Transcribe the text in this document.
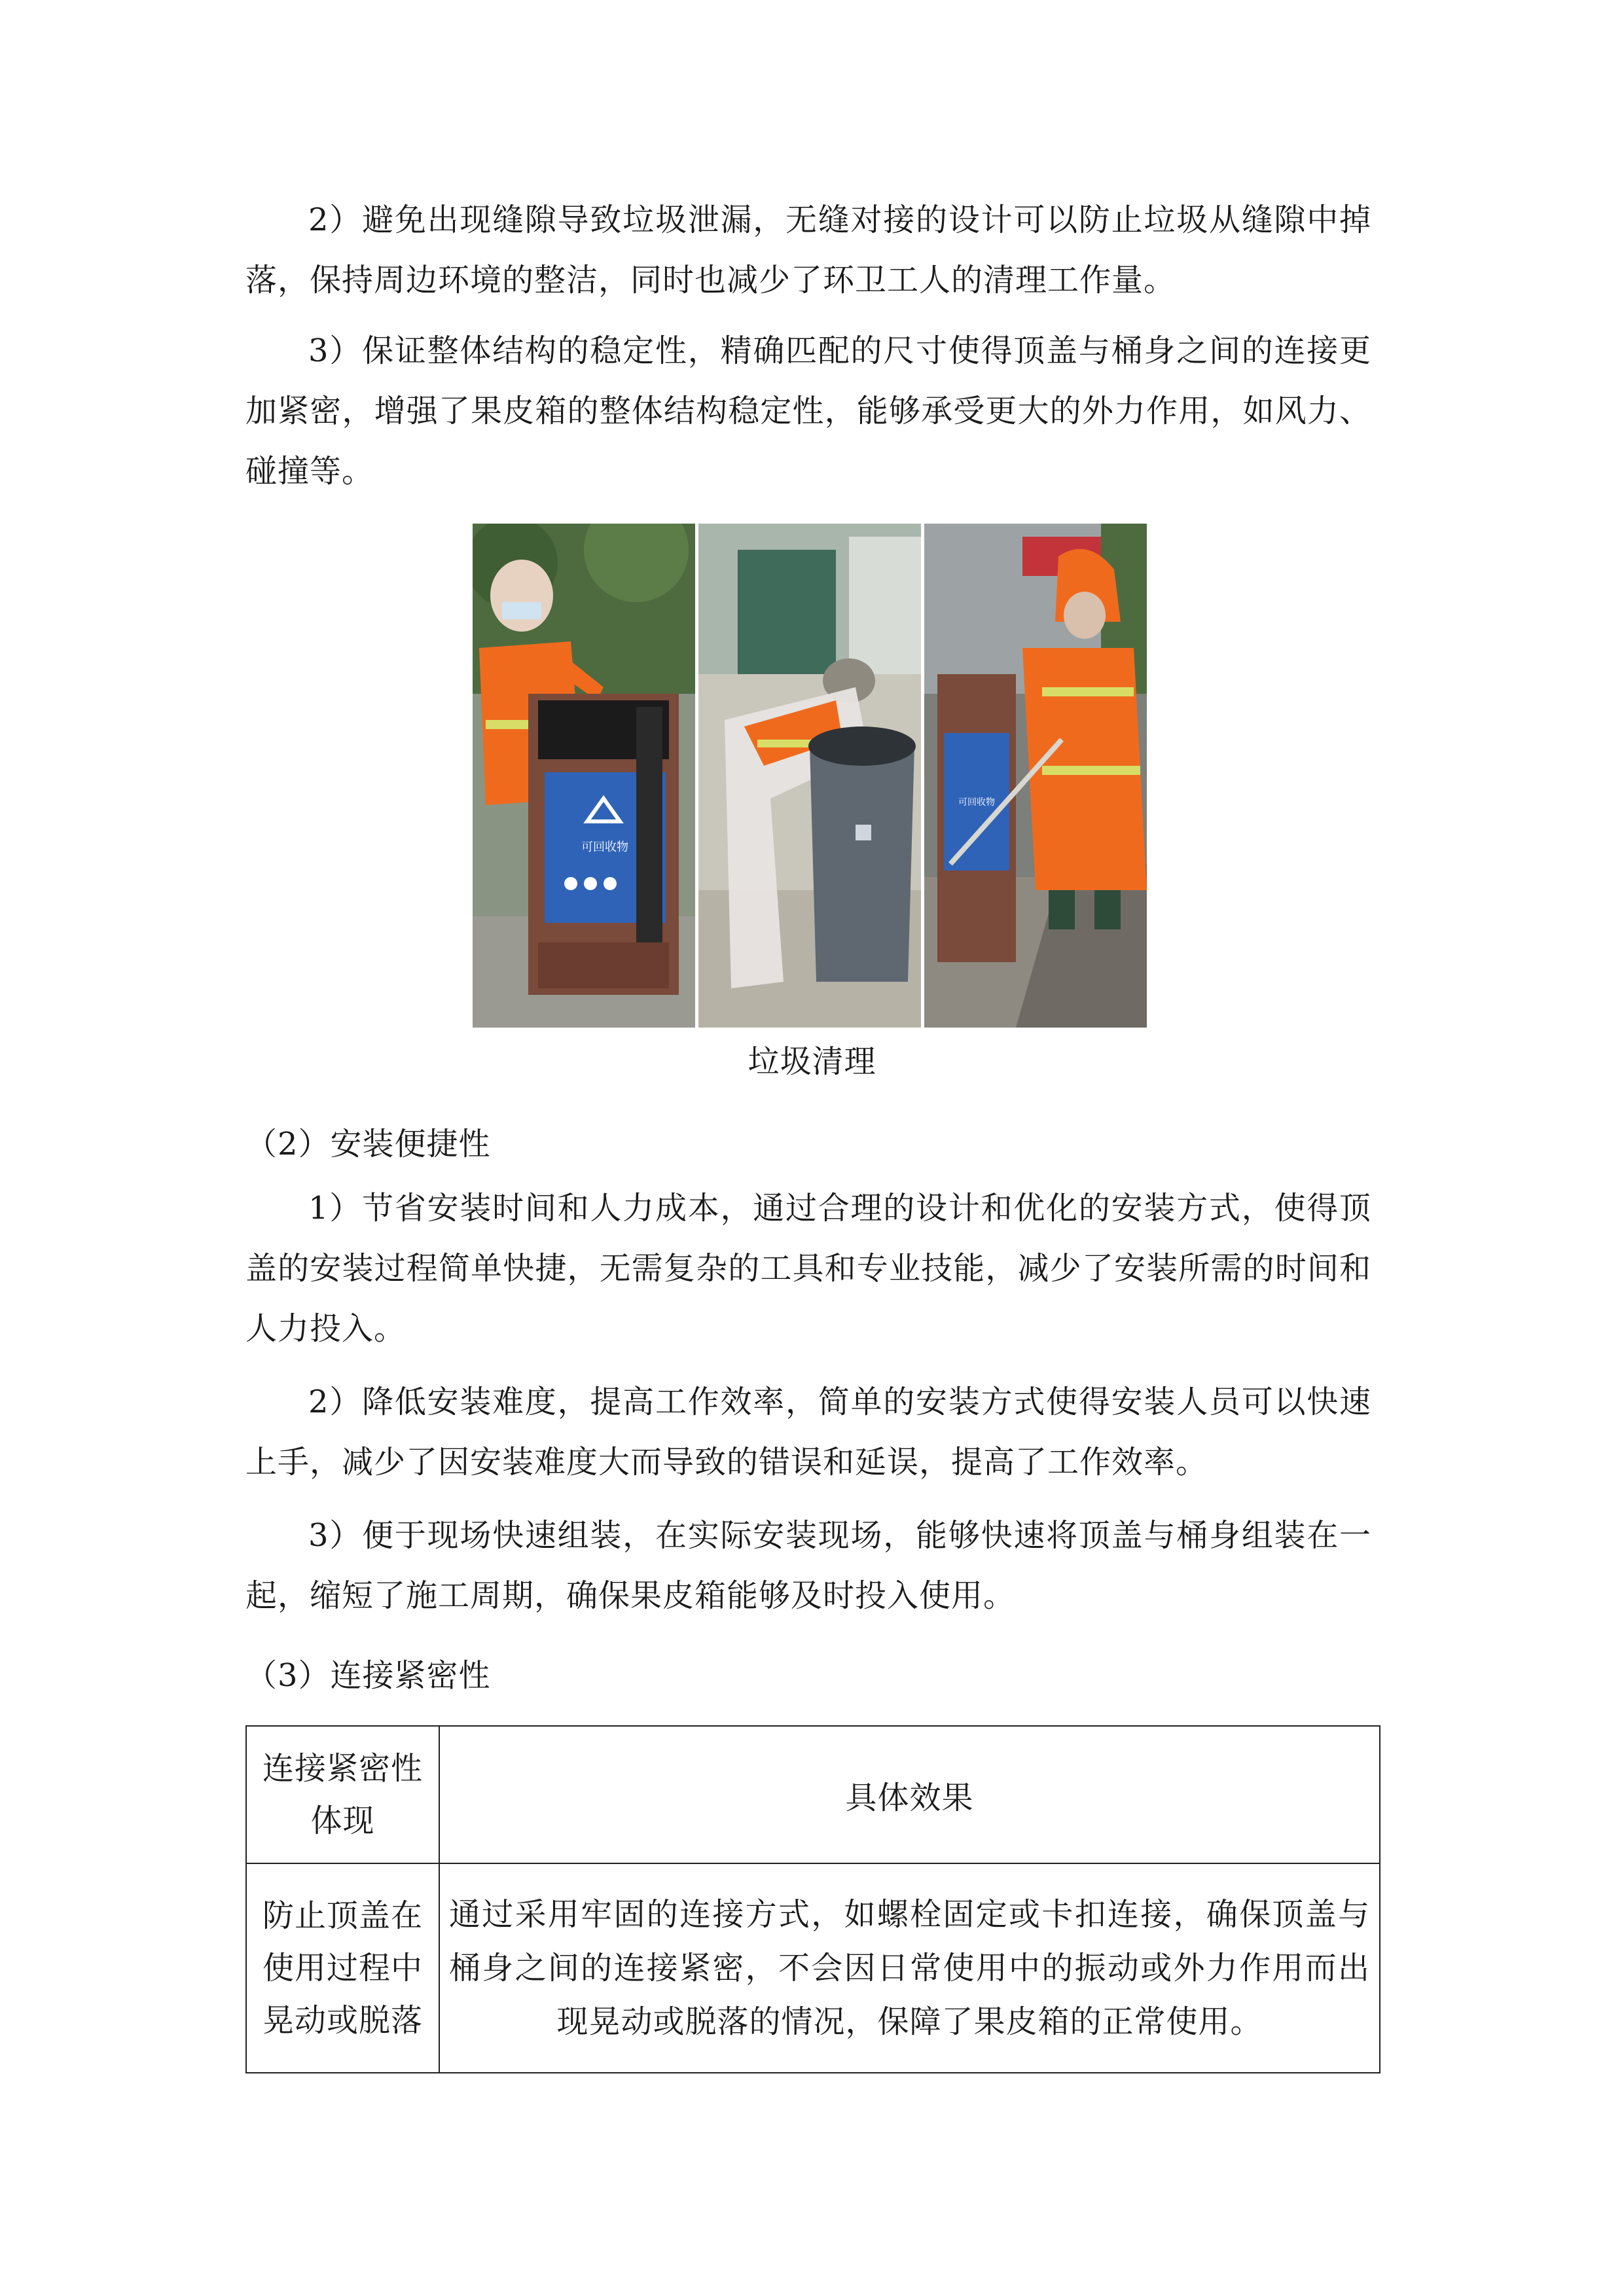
2）避免出现缝隙导致垃圾泄漏，无缝对接的设计可以防止垃圾从缝隙中掉落，保持周边环境的整洁，同时也减少了环卫工人的清理工作量。

3）保证整体结构的稳定性，精确匹配的尺寸使得顶盖与桶身之间的连接更加紧密，增强了果皮箱的整体结构稳定性，能够承受更大的外力作用，如风力、碰撞等。

可回收物
可回收物
垃圾清理

（2）安装便捷性

1）节省安装时间和人力成本，通过合理的设计和优化的安装方式，使得顶盖的安装过程简单快捷，无需复杂的工具和专业技能，减少了安装所需的时间和人力投入。

2）降低安装难度，提高工作效率，简单的安装方式使得安装人员可以快速上手，减少了因安装难度大而导致的错误和延误，提高了工作效率。

3）便于现场快速组装，在实际安装现场，能够快速将顶盖与桶身组装在一起，缩短了施工周期，确保果皮箱能够及时投入使用。

（3）连接紧密性

连接紧密性体现	具体效果
防止顶盖在使用过程中晃动或脱落	通过采用牢固的连接方式，如螺栓固定或卡扣连接，确保顶盖与桶身之间的连接紧密，不会因日常使用中的振动或外力作用而出现晃动或脱落的情况，保障了果皮箱的正常使用。
